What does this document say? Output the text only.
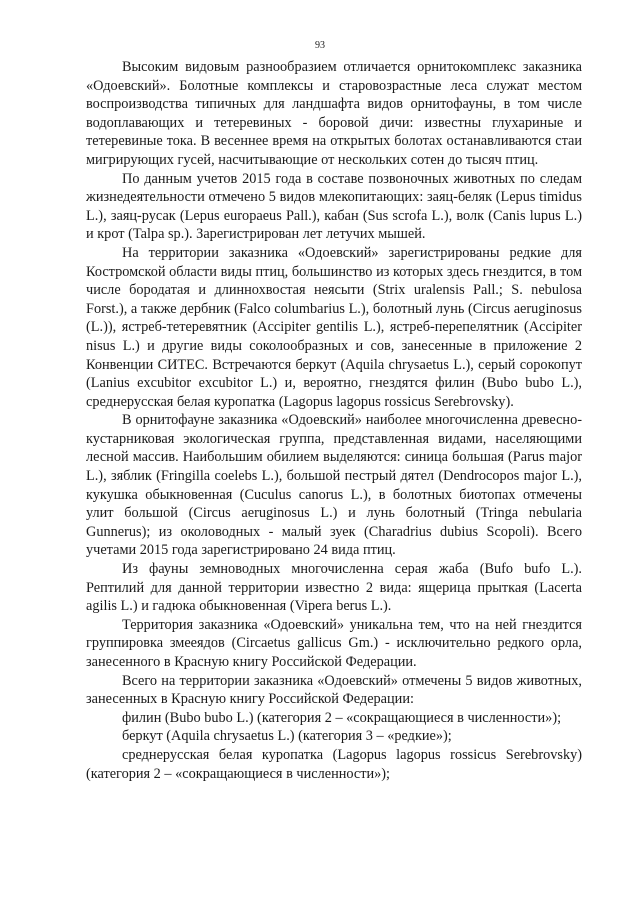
93

Высоким видовым разнообразием отличается орнитокомплекс заказника «Одоевский». Болотные комплексы и старовозрастные леса служат местом воспроизводства типичных для ландшафта видов орнитофауны, в том числе водоплавающих и тетеревиных - боровой дичи: известны глухариные и тетеревиные тока. В весеннее время на открытых болотах останавливаются стаи мигрирующих гусей, насчитывающие от нескольких сотен до тысяч птиц.

По данным учетов 2015 года в составе позвоночных животных по следам жизнедеятельности отмечено 5 видов млекопитающих: заяц-беляк (Lepus timidus L.), заяц-русак (Lepus europaeus Pall.), кабан (Sus scrofa L.), волк (Canis lupus L.) и крот (Talpa sp.). Зарегистрирован лет летучих мышей.

На территории заказника «Одоевский» зарегистрированы редкие для Костромской области виды птиц, большинство из которых здесь гнездится, в том числе бородатая и длиннохвостая неясыти (Strix uralensis Pall.; S. nebulosa Forst.), а также дербник (Falco columbarius L.), болотный лунь (Circus aeruginosus (L.)), ястреб-тетеревятник (Accipiter gentilis L.), ястреб-перепелятник (Accipiter nisus L.) и другие виды соколообразных и сов, занесенные в приложение 2 Конвенции СИТЕС. Встречаются беркут (Aquila chrysaetus L.), серый сорокопут (Lanius excubitor excubitor L.) и, вероятно, гнездятся филин (Bubo bubo L.), среднерусская белая куропатка (Lagopus lagopus rossicus Serebrovsky).

В орнитофауне заказника «Одоевский» наиболее многочисленна древесно-кустарниковая экологическая группа, представленная видами, населяющими лесной массив. Наибольшим обилием выделяются: синица большая (Parus major L.), зяблик (Fringilla coelebs L.), большой пестрый дятел (Dendrocopos major L.), кукушка обыкновенная (Cuculus canorus L.), в болотных биотопах отмечены улит большой (Circus aeruginosus L.) и лунь болотный (Tringa nebularia Gunnerus); из околоводных - малый зуек (Charadrius dubius Scopoli). Всего учетами 2015 года зарегистрировано 24 вида птиц.

Из фауны земноводных многочисленна серая жаба (Bufo bufo L.). Рептилий для данной территории известно 2 вида: ящерица прыткая (Lacerta agilis L.) и гадюка обыкновенная (Vipera berus L.).

Территория заказника «Одоевский» уникальна тем, что на ней гнездится группировка змееядов (Circaetus gallicus Gm.) - исключительно редкого орла, занесенного в Красную книгу Российской Федерации.

Всего на территории заказника «Одоевский» отмечены 5 видов животных, занесенных в Красную книгу Российской Федерации:

филин (Bubo bubo L.) (категория 2 – «сокращающиеся в численности»);

беркут (Aquila chrysaetus L.) (категория 3 – «редкие»);

среднерусская белая куропатка (Lagopus lagopus rossicus Serebrovsky) (категория 2 – «сокращающиеся в численности»);
